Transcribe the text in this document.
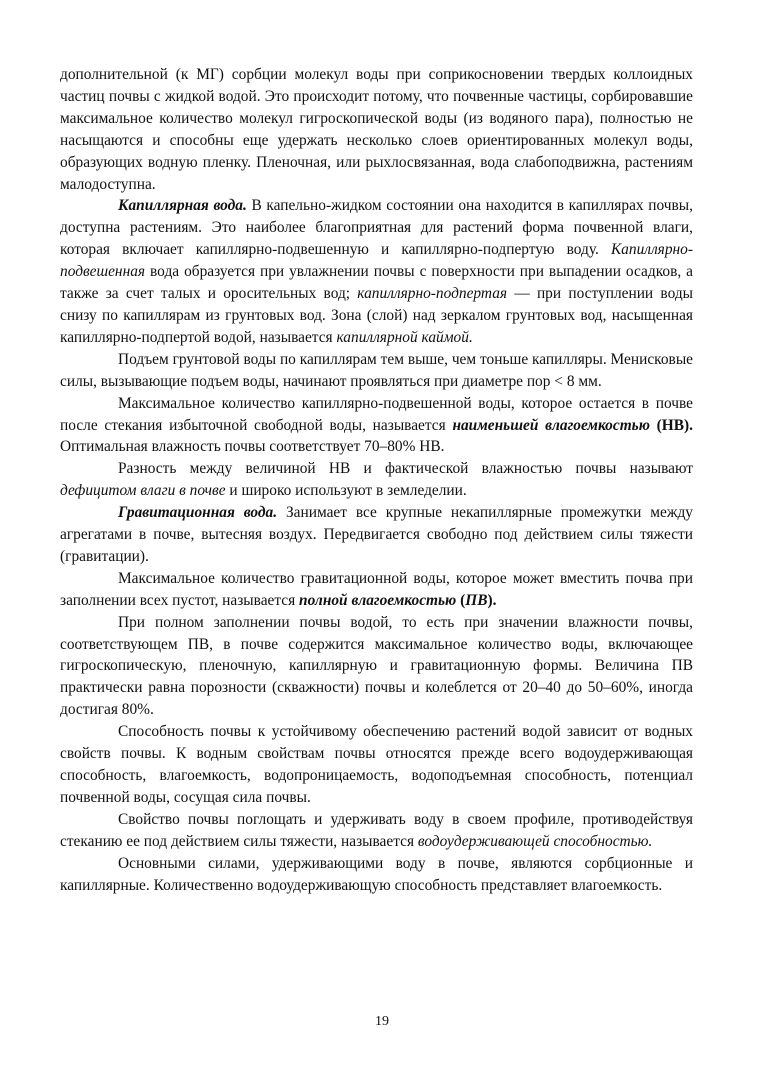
дополнительной (к МГ) сорбции молекул воды при соприкосновении твердых коллоидных частиц почвы с жидкой водой. Это происходит потому, что почвенные частицы, сорбировавшие максимальное количество молекул гигроскопической воды (из водяного пара), полностью не насыщаются и способны еще удержать несколько слоев ориентированных молекул воды, образующих водную пленку. Пленочная, или рыхлосвязанная, вода слабоподвижна, растениям малодоступна.

Капиллярная вода. В капельно-жидком состоянии она находится в капиллярах почвы, доступна растениям. Это наиболее благоприятная для растений форма почвенной влаги, которая включает капиллярно-подвешенную и капиллярно-подпертую воду. Капиллярно-подвешенная вода образуется при увлажнении почвы с поверхности при выпадении осадков, а также за счет талых и оросительных вод; капиллярно-подпертая — при поступлении воды снизу по капиллярам из грунтовых вод. Зона (слой) над зеркалом грунтовых вод, насыщенная капиллярно-подпертой водой, называется капиллярной каймой.

Подъем грунтовой воды по капиллярам тем выше, чем тоньше капилляры. Менисковые силы, вызывающие подъем воды, начинают проявляться при диаметре пор < 8 мм.

Максимальное количество капиллярно-подвешенной воды, которое остается в почве после стекания избыточной свободной воды, называется наименьшей влагоемкостью (НВ). Оптимальная влажность почвы соответствует 70–80% НВ.

Разность между величиной НВ и фактической влажностью почвы называют дефицитом влаги в почве и широко используют в земледелии.

Гравитационная вода. Занимает все крупные некапиллярные промежутки между агрегатами в почве, вытесняя воздух. Передвигается свободно под действием силы тяжести (гравитации).

Максимальное количество гравитационной воды, которое может вместить почва при заполнении всех пустот, называется полной влагоемкостью (ПВ).

При полном заполнении почвы водой, то есть при значении влажности почвы, соответствующем ПВ, в почве содержится максимальное количество воды, включающее гигроскопическую, пленочную, капиллярную и гравитационную формы. Величина ПВ практически равна порозности (скважности) почвы и колеблется от 20–40 до 50–60%, иногда достигая 80%.

Способность почвы к устойчивому обеспечению растений водой зависит от водных свойств почвы. К водным свойствам почвы относятся прежде всего водоудерживающая способность, влагоемкость, водопроницаемость, водоподъемная способность, потенциал почвенной воды, сосущая сила почвы.

Свойство почвы поглощать и удерживать воду в своем профиле, противодействуя стеканию ее под действием силы тяжести, называется водоудерживающей способностью.

Основными силами, удерживающими воду в почве, являются сорбционные и капиллярные. Количественно водоудерживающую способность представляет влагоемкость.

19
